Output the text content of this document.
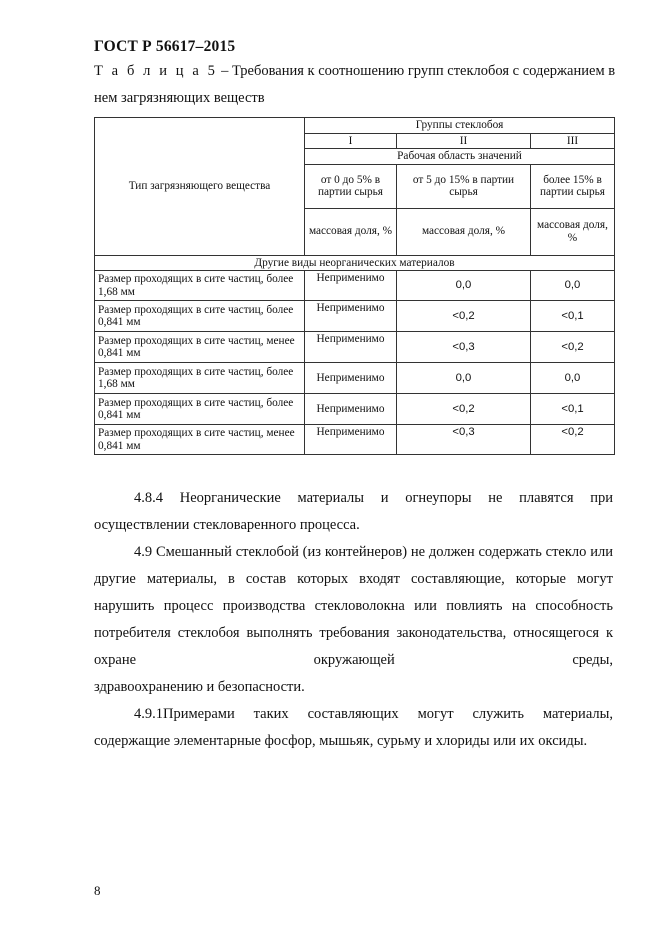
ГОСТ Р 56617–2015
Т а б л и ц а 5 – Требования к соотношению групп стеклобоя с содержанием в
нем загрязняющих веществ
Тип загрязняющего вещества	Группы стеклобоя		
	I	II	III
	Рабочая область значений		
	от 0 до 5% в партии сырья	от 5 до 15% в партии сырья	более 15% в партии сырья
	массовая доля, %	массовая доля, %	массовая доля, %
Другие виды неорганических материалов			
Размер проходящих в сите частиц, более 1,68 мм	Неприменимо	0,0	0,0
Размер проходящих в сите частиц, более 0,841 мм	Неприменимо	<0,2	<0,1
Размер проходящих в сите частиц, менее 0,841 мм	Неприменимо	<0,3	<0,2
Размер проходящих в сите частиц, более 1,68 мм	Неприменимо	0,0	0,0
Размер проходящих в сите частиц, более 0,841 мм	Неприменимо	<0,2	<0,1
Размер проходящих в сите частиц, менее 0,841 мм	Неприменимо	<0,3	<0,2

4.8.4 Неорганические материалы и огнеупоры не плавятся при осуществлении стекловаренного процесса.

4.9 Смешанный стеклобой (из контейнеров) не должен содержать стекло или другие материалы, в состав которых входят составляющие, которые могут нарушить процесс производства стекловолокна или повлиять на способность потребителя стеклобоя выполнять требования законодательства, относящегося к охране окружающей среды,

здравоохранению и безопасности.

4.9.1Примерами таких составляющих могут служить материалы, содержащие элементарные фосфор, мышьяк, сурьму и хлориды или их оксиды.

8
